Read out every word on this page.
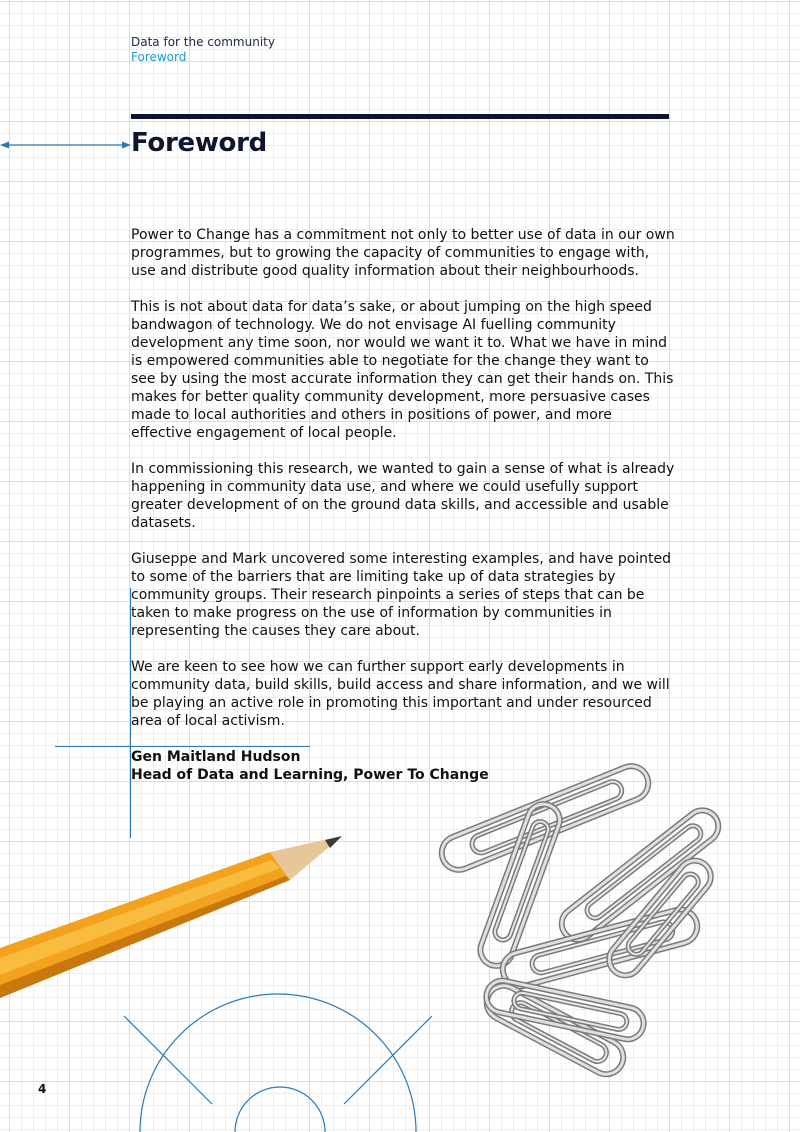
Data for the community
Foreword
Foreword

Power to Change has a commitment not only to better use of data in our own programmes, but to growing the capacity of communities to engage with, use and distribute good quality information about their neighbourhoods.

This is not about data for data’s sake, or about jumping on the high speed bandwagon of technology. We do not envisage AI fuelling community development any time soon, nor would we want it to. What we have in mind is empowered communities able to negotiate for the change they want to see by using the most accurate information they can get their hands on. This makes for better quality community development, more persuasive cases made to local authorities and others in positions of power, and more effective engagement of local people.

In commissioning this research, we wanted to gain a sense of what is already happening in community data use, and where we could usefully support greater development of on the ground data skills, and accessible and usable datasets.

Giuseppe and Mark uncovered some interesting examples, and have pointed to some of the barriers that are limiting take up of data strategies by community groups. Their research pinpoints a series of steps that can be taken to make progress on the use of information by communities in representing the causes they care about.

We are keen to see how we can further support early developments in community data, build skills, build access and share information, and we will be playing an active role in promoting this important and under resourced area of local activism.

Gen Maitland Hudson
Head of Data and Learning, Power To Change
4
